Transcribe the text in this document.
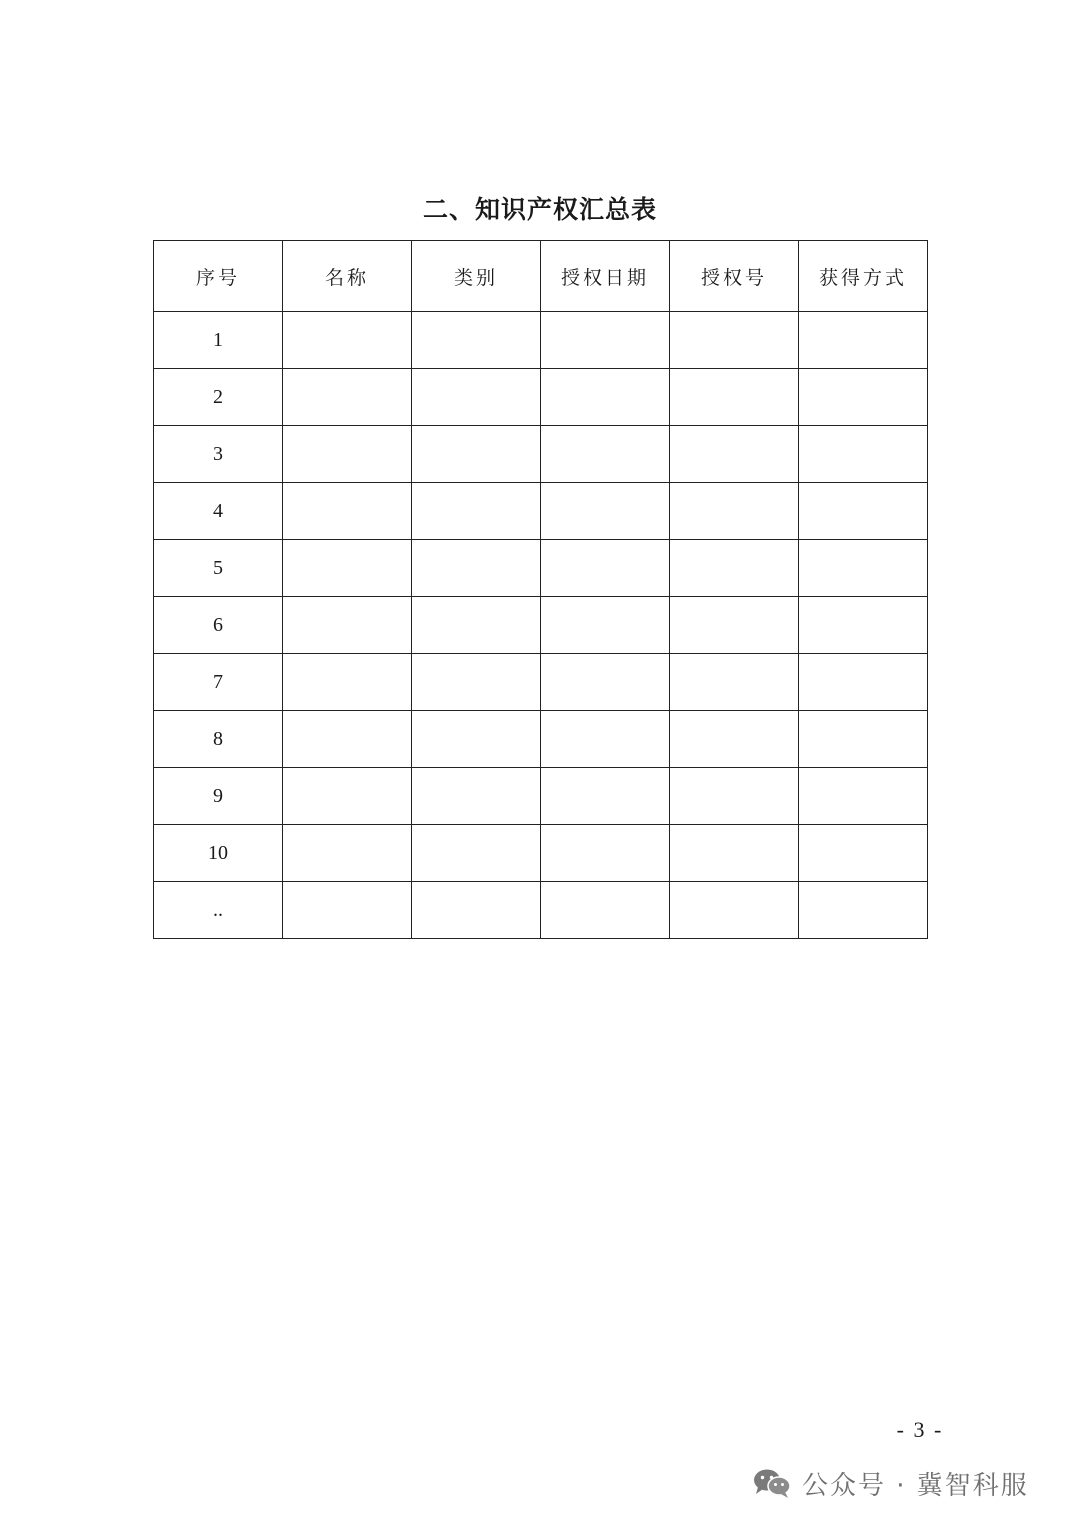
二、知识产权汇总表
序号	名称	类别	授权日期	授权号	获得方式
1					
2					
3					
4					
5					
6					
7					
8					
9					
10					
..					
- 3 -
公众号 · 冀智科服
